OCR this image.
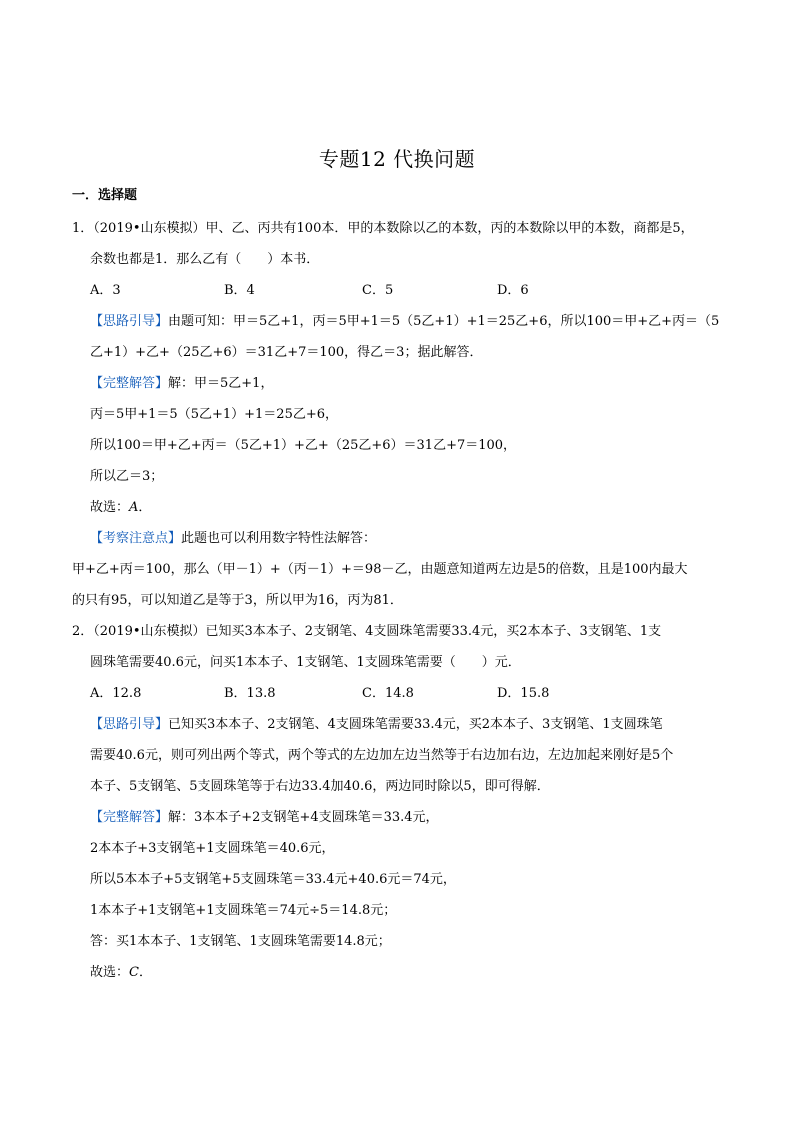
专题12 代换问题
一．选择题
1．（2019•山东模拟）甲、乙、丙共有100本．甲的本数除以乙的本数，丙的本数除以甲的本数，商都是5，
余数也都是1．那么乙有（　　）本书．
A．3	B．4	C．5	D．6
【思路引导】由题可知：甲＝5乙+1，丙＝5甲+1＝5（5乙+1）+1＝25乙+6，所以100＝甲+乙+丙＝（5
乙+1）+乙+（25乙+6）＝31乙+7＝100，得乙＝3；据此解答．
【完整解答】解：甲＝5乙+1，
丙＝5甲+1＝5（5乙+1）+1＝25乙+6，
所以100＝甲+乙+丙＝（5乙+1）+乙+（25乙+6）＝31乙+7＝100，
所以乙＝3；
故选：A．
【考察注意点】此题也可以利用数字特性法解答：
甲+乙+丙＝100，那么（甲－1）+（丙－1）+＝98－乙，由题意知道两左边是5的倍数，且是100内最大
的只有95，可以知道乙是等于3，所以甲为16，丙为81．
2．（2019•山东模拟）已知买3本本子、2支钢笔、4支圆珠笔需要33.4元，买2本本子、3支钢笔、1支
圆珠笔需要40.6元，问买1本本子、1支钢笔、1支圆珠笔需要（　　）元．
A．12.8	B．13.8	C．14.8	D．15.8
【思路引导】已知买3本本子、2支钢笔、4支圆珠笔需要33.4元，买2本本子、3支钢笔、1支圆珠笔
需要40.6元，则可列出两个等式，两个等式的左边加左边当然等于右边加右边，左边加起来刚好是5个
本子、5支钢笔、5支圆珠笔等于右边33.4加40.6，两边同时除以5，即可得解．
【完整解答】解：3本本子+2支钢笔+4支圆珠笔＝33.4元，
2本本子+3支钢笔+1支圆珠笔＝40.6元，
所以5本本子+5支钢笔+5支圆珠笔＝33.4元+40.6元＝74元，
1本本子+1支钢笔+1支圆珠笔＝74元÷5＝14.8元；
答：买1本本子、1支钢笔、1支圆珠笔需要14.8元；
故选：C．
